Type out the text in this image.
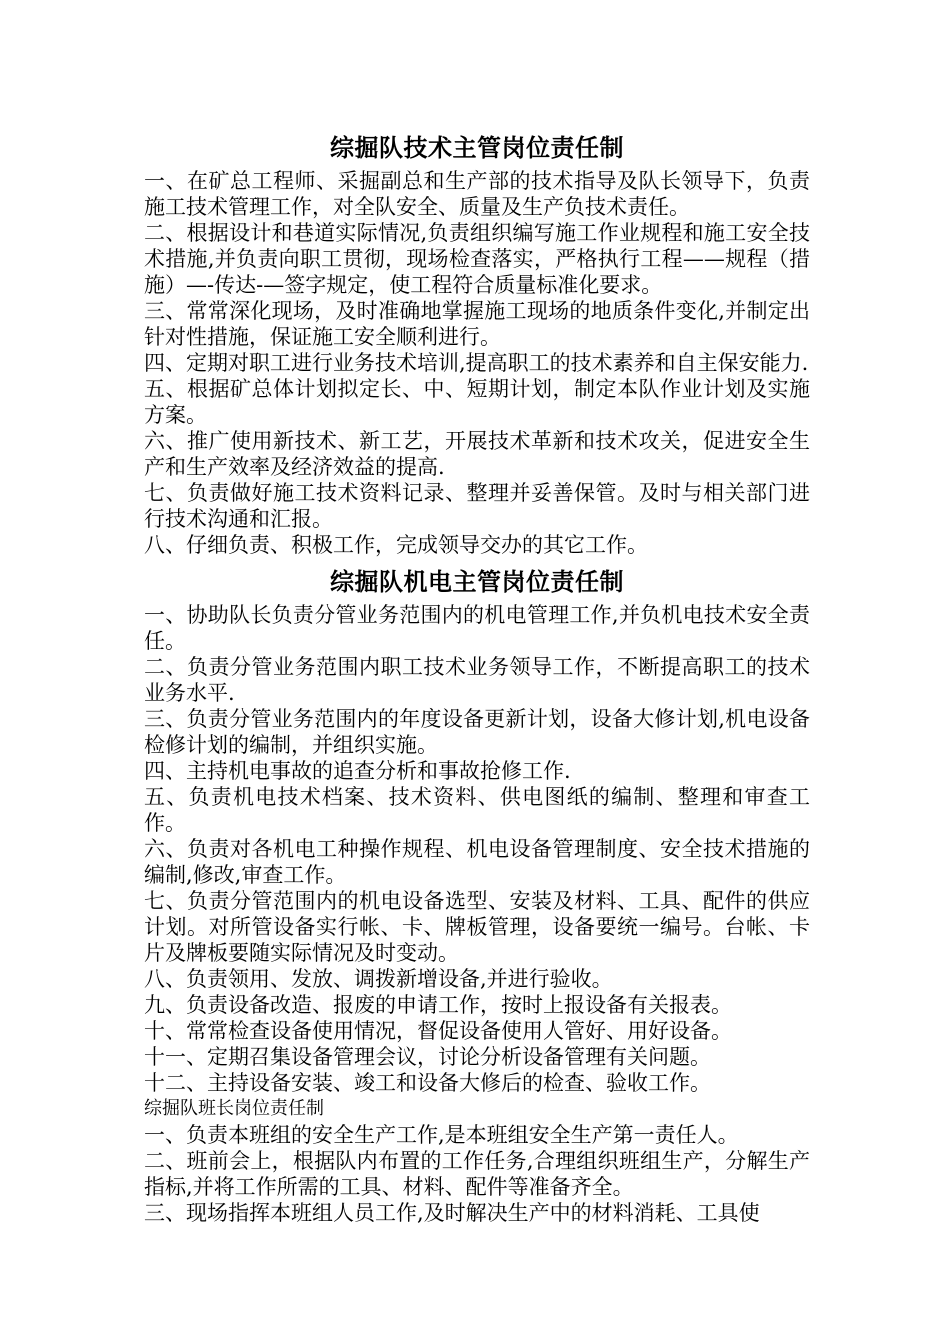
综掘队技术主管岗位责任制

一、在矿总工程师、采掘副总和生产部的技术指导及队长领导下，负责施工技术管理工作，对全队安全、质量及生产负技术责任。

二、根据设计和巷道实际情况,负责组织编写施工作业规程和施工安全技术措施,并负责向职工贯彻，现场检查落实，严格执行工程——规程（措施）—-传达-—签字规定，使工程符合质量标准化要求。

三、常常深化现场，及时准确地掌握施工现场的地质条件变化,并制定出针对性措施，保证施工安全顺利进行。

四、定期对职工进行业务技术培训,提高职工的技术素养和自主保安能力.

五、根据矿总体计划拟定长、中、短期计划，制定本队作业计划及实施方案。

六、推广使用新技术、新工艺，开展技术革新和技术攻关，促进安全生产和生产效率及经济效益的提高.

七、负责做好施工技术资料记录、整理并妥善保管。及时与相关部门进行技术沟通和汇报。

八、仔细负责、积极工作，完成领导交办的其它工作。

综掘队机电主管岗位责任制

一、协助队长负责分管业务范围内的机电管理工作,并负机电技术安全责任。

二、负责分管业务范围内职工技术业务领导工作，不断提高职工的技术业务水平.

三、负责分管业务范围内的年度设备更新计划，设备大修计划,机电设备检修计划的编制，并组织实施。

四、主持机电事故的追查分析和事故抢修工作.

五、负责机电技术档案、技术资料、供电图纸的编制、整理和审查工作。

六、负责对各机电工种操作规程、机电设备管理制度、安全技术措施的编制,修改,审查工作。

七、负责分管范围内的机电设备选型、安装及材料、工具、配件的供应计划。对所管设备实行帐、卡、牌板管理，设备要统一编号。台帐、卡片及牌板要随实际情况及时变动。

八、负责领用、发放、调拨新增设备,并进行验收。

九、负责设备改造、报废的申请工作，按时上报设备有关报表。

十、常常检查设备使用情况，督促设备使用人管好、用好设备。

十一、定期召集设备管理会议，讨论分析设备管理有关问题。

十二、主持设备安装、竣工和设备大修后的检查、验收工作。

综掘队班长岗位责任制

一、负责本班组的安全生产工作,是本班组安全生产第一责任人。

二、班前会上，根据队内布置的工作任务,合理组织班组生产，分解生产指标,并将工作所需的工具、材料、配件等准备齐全。

三、现场指挥本班组人员工作,及时解决生产中的材料消耗、工具使
